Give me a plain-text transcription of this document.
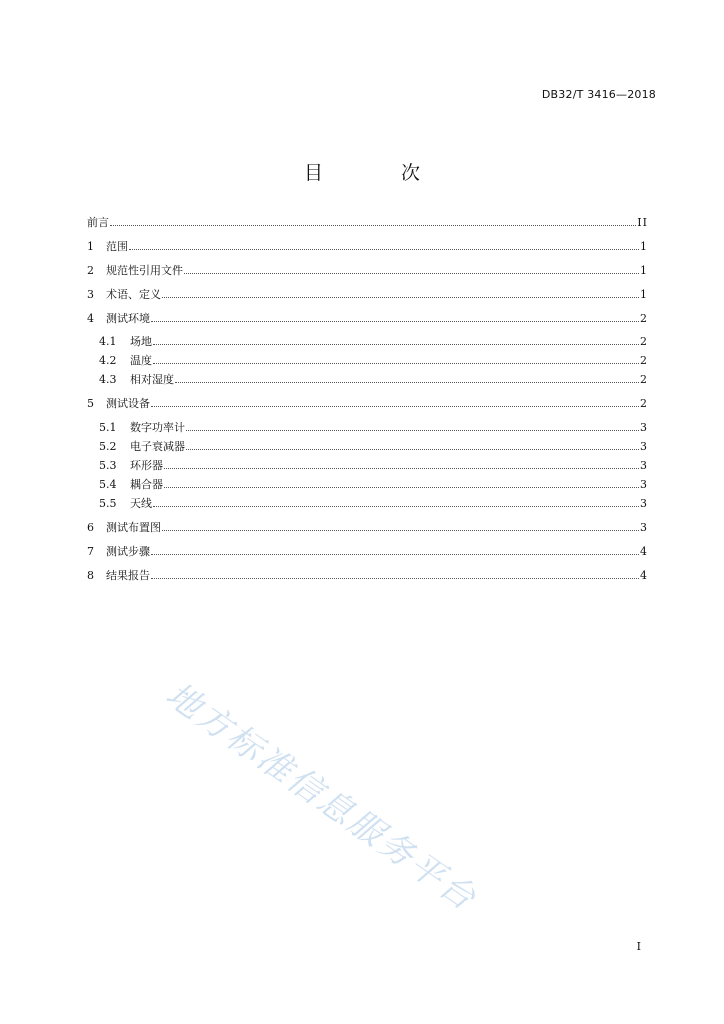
DB32/T 3416—2018
目 次
前言	II
1	范围	1
2	规范性引用文件	1
3	术语、定义	1
4	测试环境	2
4.1	场地	2
4.2	温度	2
4.3	相对湿度	2
5	测试设备	2
5.1	数字功率计	3
5.2	电子衰减器	3
5.3	环形器	3
5.4	耦合器	3
5.5	天线	3
6	测试布置图	3
7	测试步骤	4
8	结果报告	4
地方标准信息服务平台
I
